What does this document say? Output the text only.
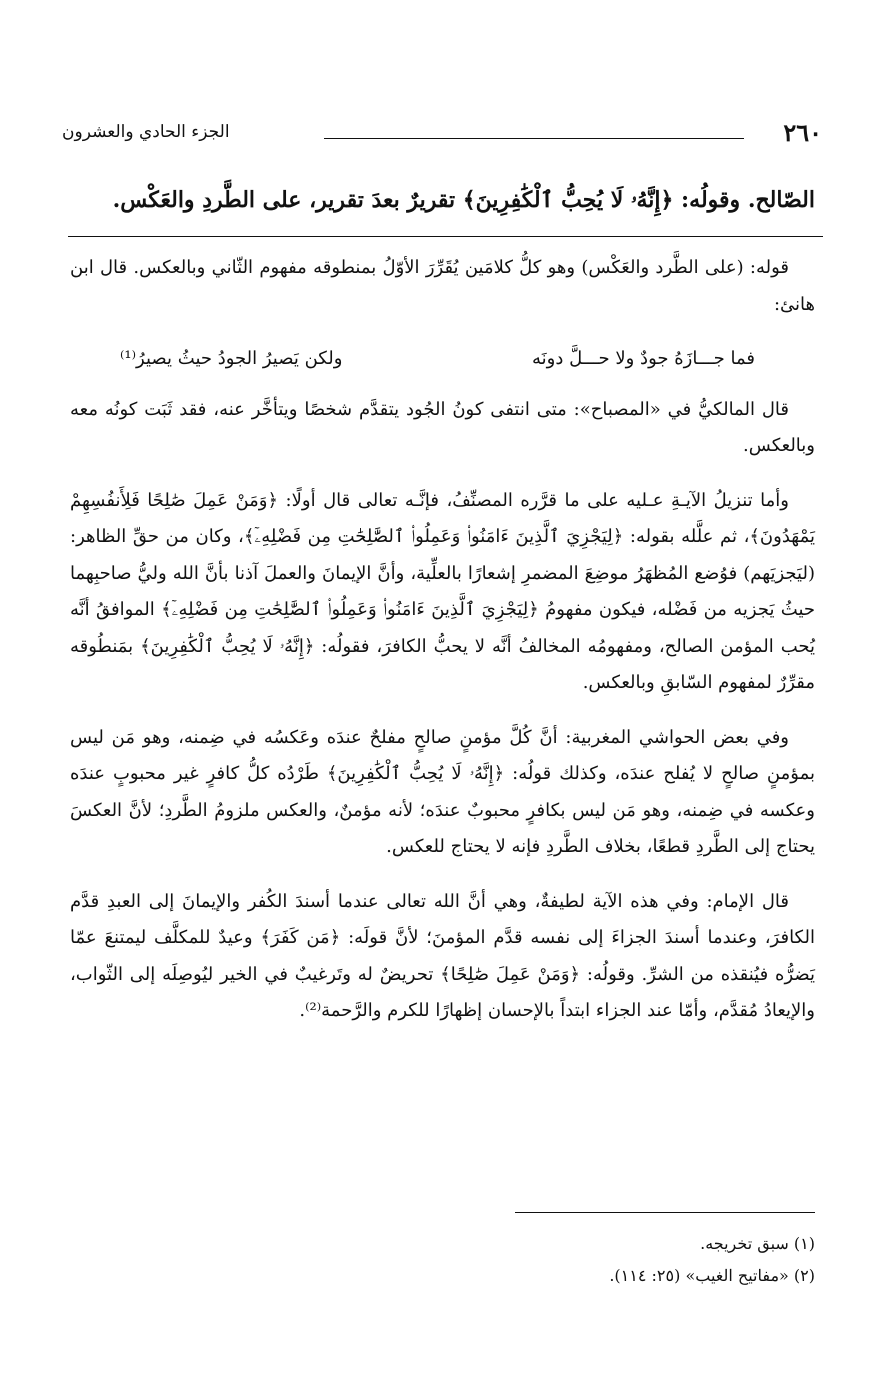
٢٦٠
الجزء الحادي والعشرون
الصّالح. وقولُه: ﴿إِنَّهُۥ لَا يُحِبُّ ٱلْكَٰفِرِينَ﴾ تقريرٌ بعدَ تقرير، على الطَّردِ والعَكْس.

قوله: (على الطَّرد والعَكْس) وهو كلُّ كلامَين يُقَرِّرَ الأوّلُ بمنطوقه مفهوم الثّاني وبالعكس. قال ابن هانئ:

فما جـــازَهُ جودٌ ولا حـــلَّ دونَه
ولكن يَصيرُ الجودُ حيثُ يصيرُ⁽¹⁾

قال المالكيُّ في «المصباح»: متى انتفى كونُ الجُود يتقدَّم شخصًا ويتأخَّر عنه، فقد ثَبَت كونُه معه وبالعكس.

وأما تنزيلُ الآيـةِ عـليه على ما قرَّره المصنِّفُ، فإنَّـه تعالى قال أولًا: ﴿وَمَنْ عَمِلَ صَٰلِحًا فَلِأَنفُسِهِمْ يَمْهَدُونَ﴾، ثم علَّله بقوله: ﴿لِيَجْزِيَ ٱلَّذِينَ ءَامَنُوا۟ وَعَمِلُوا۟ ٱلصَّٰلِحَٰتِ مِن فَضْلِهِۦٓ﴾، وكان من حقِّ الظاهر: (ليَجزيَهم) فوُضع المُظهَرُ موضِعَ المضمرِ إشعارًا بالعلِّية، وأنَّ الإيمانَ والعملَ آذنا بأنَّ الله وليُّ صاحبِهما حيثُ يَجزيه من فَضْله، فيكون مفهومُ ﴿لِيَجْزِيَ ٱلَّذِينَ ءَامَنُوا۟ وَعَمِلُوا۟ ٱلصَّٰلِحَٰتِ مِن فَضْلِهِۦٓ﴾ الموافقُ أنَّه يُحب المؤمن الصالح، ومفهومُه المخالفُ أنَّه لا يحبُّ الكافرَ، فقولُه: ﴿إِنَّهُۥ لَا يُحِبُّ ٱلْكَٰفِرِينَ﴾ بمَنطُوقه مقرِّرٌ لمفهوم السّابقِ وبالعكس.

وفي بعض الحواشي المغربية: أنَّ كُلَّ مؤمنٍ صالحٍ مفلحٌ عندَه وعَكسُه في ضِمنه، وهو مَن ليس بمؤمنٍ صالحٍ لا يُفلح عندَه، وكذلك قولُه: ﴿إِنَّهُۥ لَا يُحِبُّ ٱلْكَٰفِرِينَ﴾ طَرْدُه كلُّ كافرٍ غير محبوبٍ عندَه وعكسه في ضِمنه، وهو مَن ليس بكافرٍ محبوبٌ عندَه؛ لأنه مؤمنٌ، والعكس ملزومُ الطَّردِ؛ لأنَّ العكسَ يحتاج إلى الطَّردِ قطعًا، بخلاف الطَّردِ فإنه لا يحتاج للعكس.

قال الإمام: وفي هذه الآية لطيفةٌ، وهي أنَّ الله تعالى عندما أسندَ الكُفر والإيمانَ إلى العبدِ قدَّم الكافرَ، وعندما أسندَ الجزاءَ إلى نفسه قدَّم المؤمنَ؛ لأنَّ قولَه: ﴿مَن كَفَرَ﴾ وعيدٌ للمكلَّف ليمتنعَ عمّا يَضرُّه فيُنقذه من الشرِّ. وقولُه: ﴿وَمَنْ عَمِلَ صَٰلِحًا﴾ تحريضٌ له وتَرغيبٌ في الخير ليُوصِلَه إلى الثّواب، والإيعادُ مُقدَّم، وأمّا عند الجزاء ابتداً بالإحسان إظهارًا للكرم والرَّحمة⁽²⁾.

(١) سبق تخريجه.
(٢) «مفاتيح الغيب» (٢٥: ١١٤).
